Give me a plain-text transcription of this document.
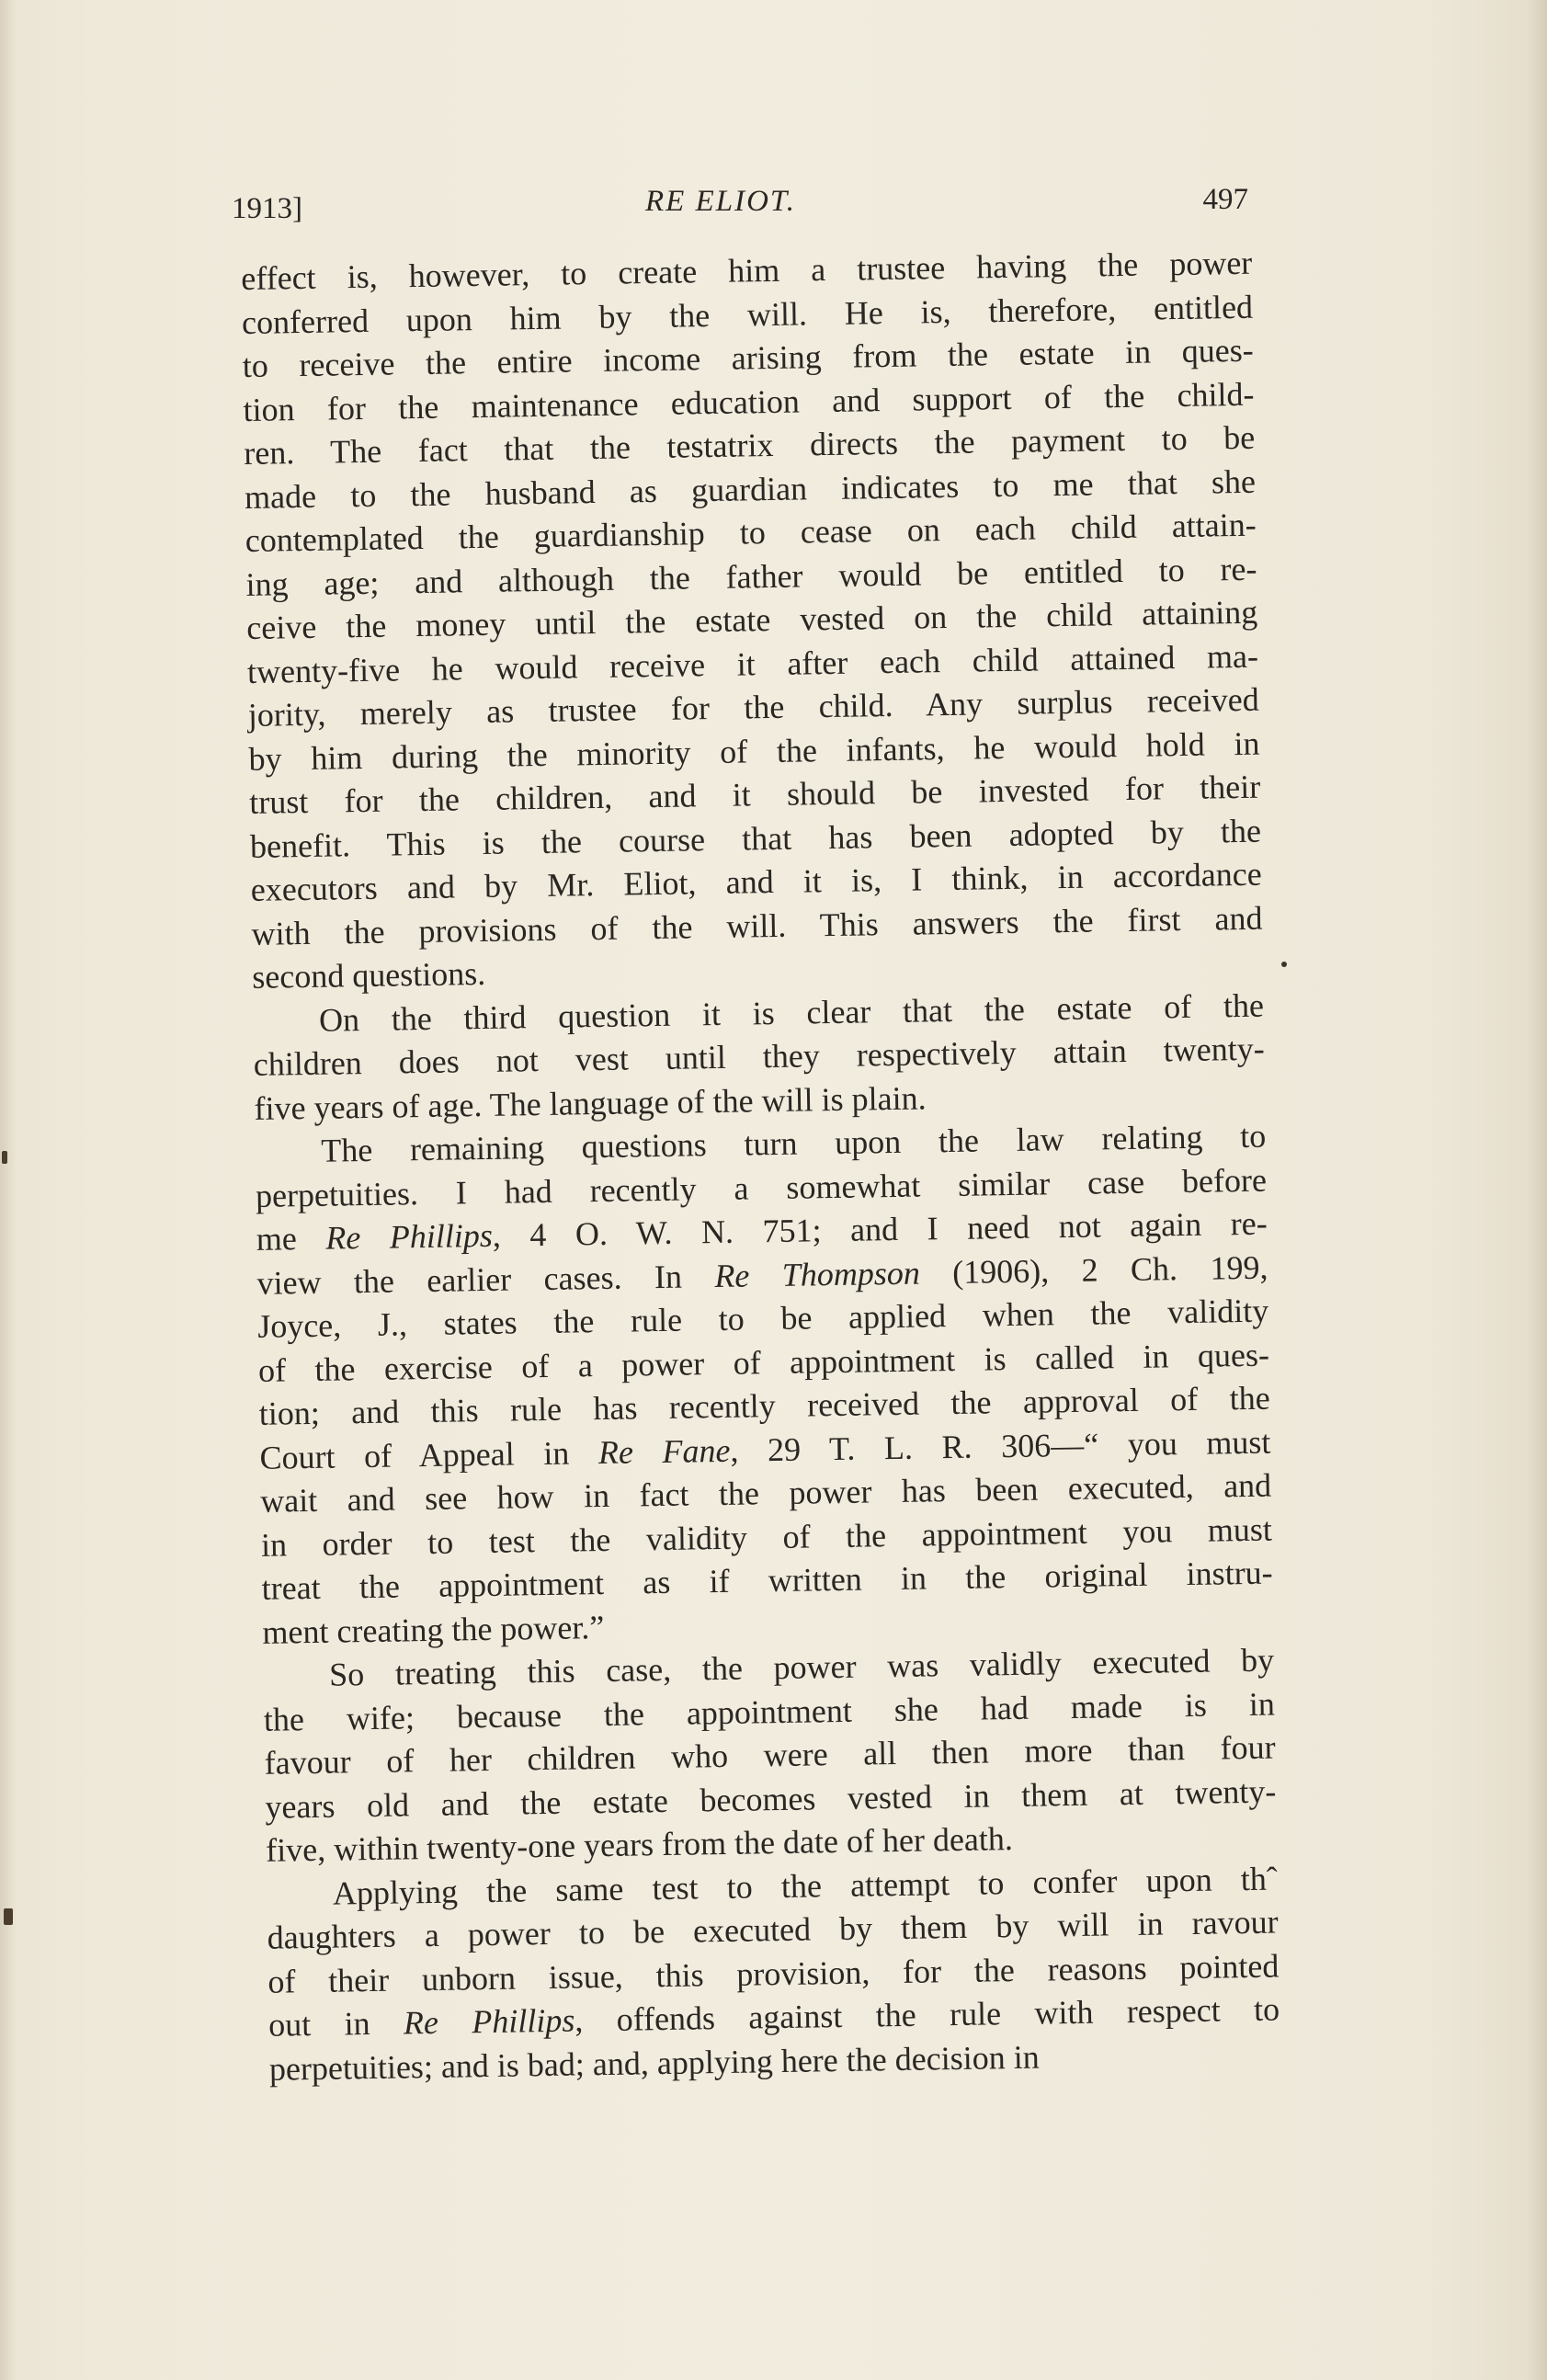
1913]	RE ELIOT.	497
effect is, however, to create him a trustee having the power
conferred upon him by the will. He is, therefore, entitled
to receive the entire income arising from the estate in ques-
tion for the maintenance education and support of the child-
ren. The fact that the testatrix directs the payment to be
made to the husband as guardian indicates to me that she
contemplated the guardianship to cease on each child attain-
ing age; and although the father would be entitled to re-
ceive the money until the estate vested on the child attaining
twenty-five he would receive it after each child attained ma-
jority, merely as trustee for the child. Any surplus received
by him during the minority of the infants, he would hold in
trust for the children, and it should be invested for their
benefit. This is the course that has been adopted by the
executors and by Mr. Eliot, and it is, I think, in accordance
with the provisions of the will. This answers the first and
second questions.
On the third question it is clear that the estate of the
children does not vest until they respectively attain twenty-
five years of age. The language of the will is plain.
The remaining questions turn upon the law relating to
perpetuities. I had recently a somewhat similar case before
me Re Phillips, 4 O. W. N. 751; and I need not again re-
view the earlier cases. In Re Thompson (1906), 2 Ch. 199,
Joyce, J., states the rule to be applied when the validity
of the exercise of a power of appointment is called in ques-
tion; and this rule has recently received the approval of the
Court of Appeal in Re Fane, 29 T. L. R. 306—“ you must
wait and see how in fact the power has been executed, and
in order to test the validity of the appointment you must
treat the appointment as if written in the original instru-
ment creating the power.”
So treating this case, the power was validly executed by
the wife; because the appointment she had made is in
favour of her children who were all then more than four
years old and the estate becomes vested in them at twenty-
five, within twenty-one years from the date of her death.
Applying the same test to the attempt to confer upon thˆ
daughters a power to be executed by them by will in ravour
of their unborn issue, this provision, for the reasons pointed
out in Re Phillips, offends against the rule with respect to
perpetuities; and is bad; and, applying here the decision in
